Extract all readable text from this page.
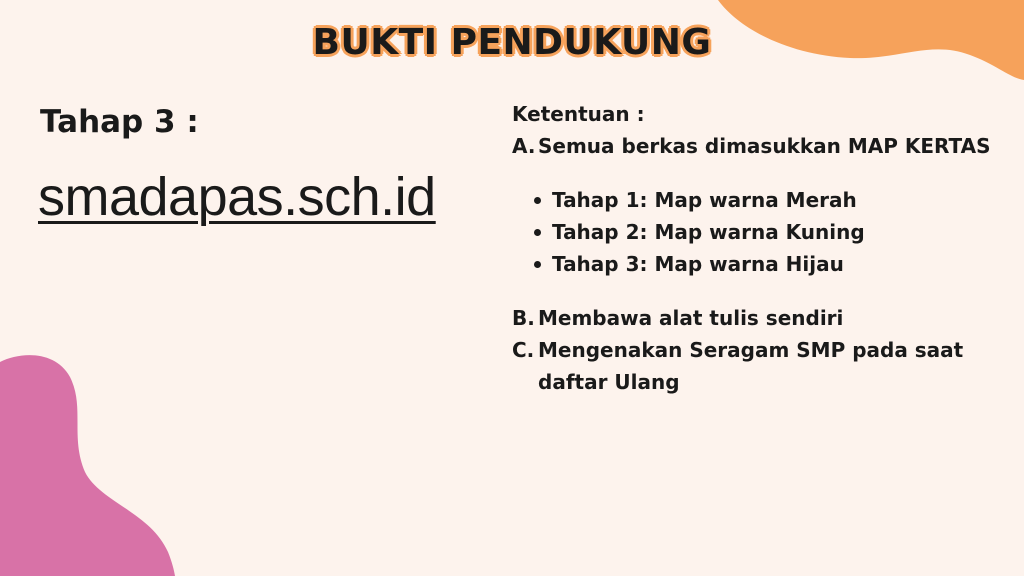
BUKTI PENDUKUNG
Tahap 3 :
smadapas.sch.id
Ketentuan :
A. Semua berkas dimasukkan MAP KERTAS
Tahap 1: Map warna Merah
Tahap 2: Map warna Kuning
Tahap 3: Map warna Hijau
B. Membawa alat tulis sendiri
C. Mengenakan Seragam SMP pada saat daftar Ulang
